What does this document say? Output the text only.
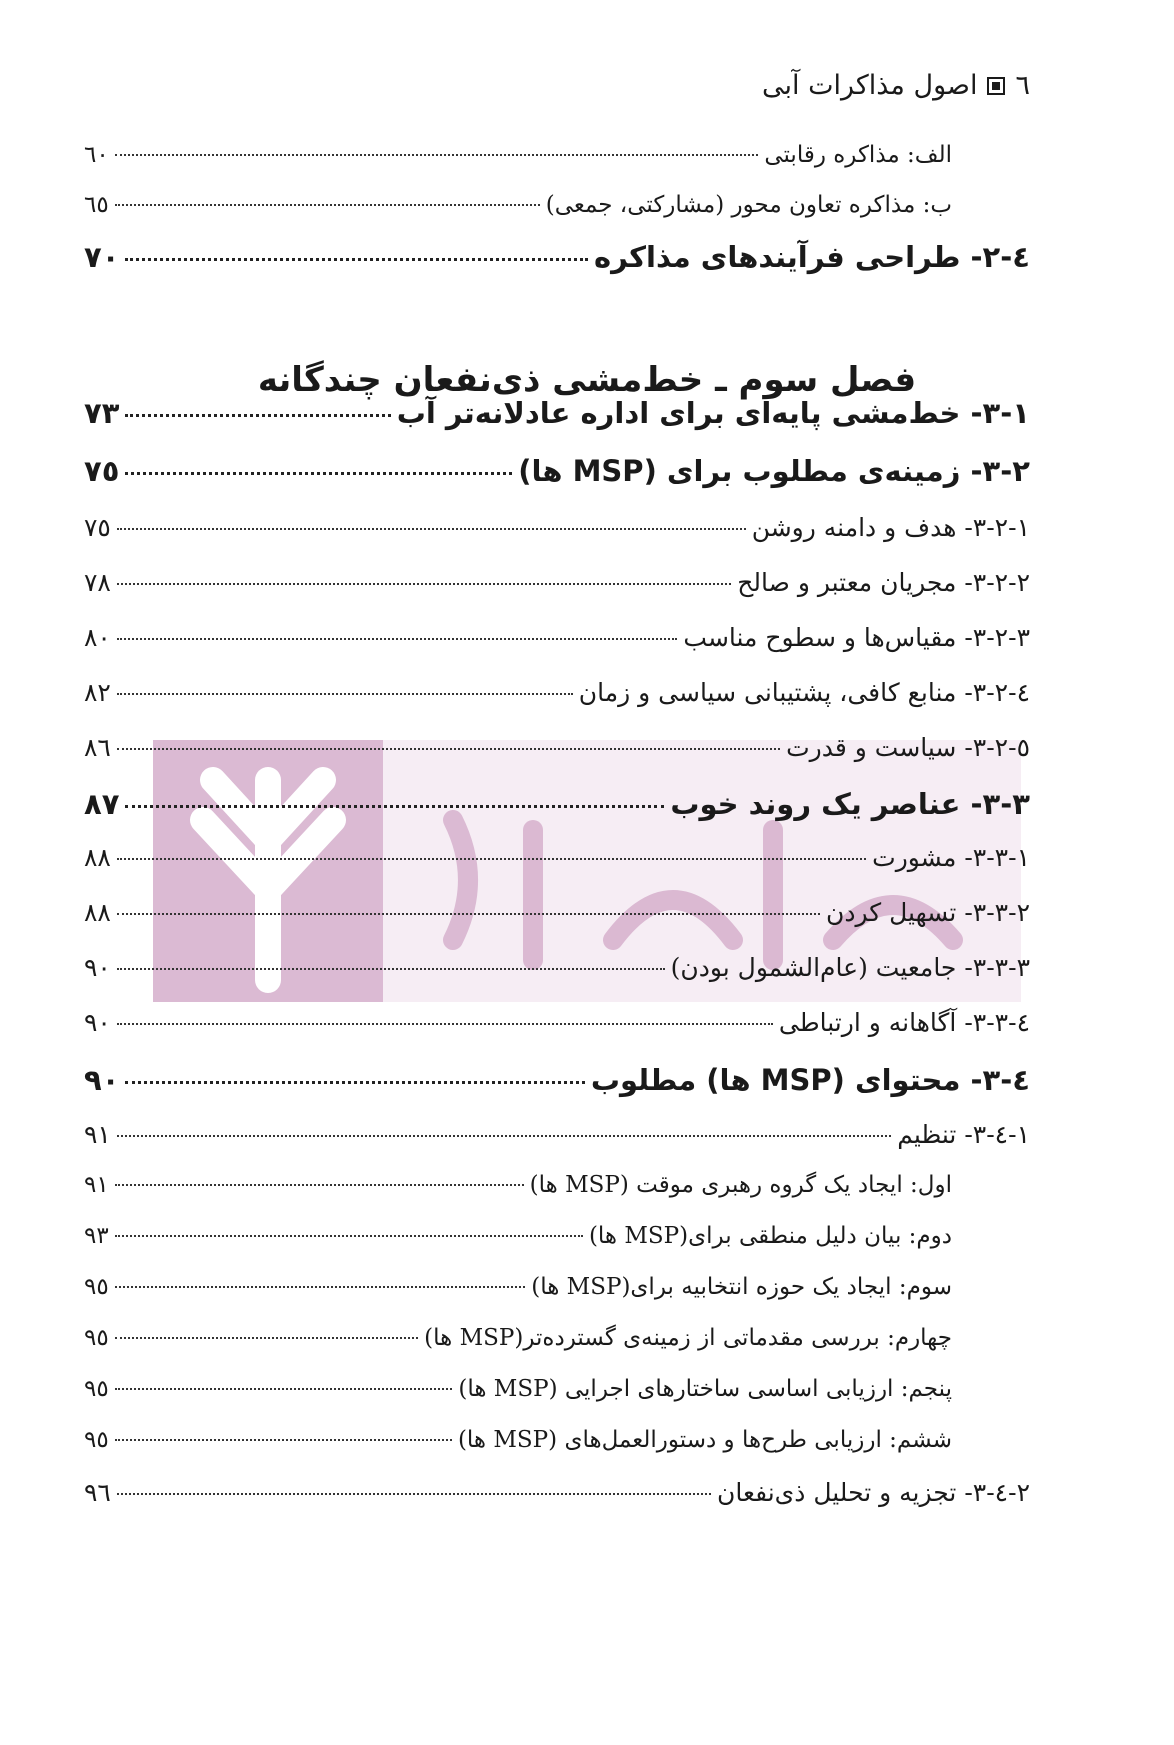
٦
اصول مذاکرات آبی
الف: مذاکره رقابتی
٦٠
ب: مذاکره تعاون محور (مشارکتی، جمعی)
٦٥
٤-٢- طراحی فرآیندهای مذاکره
٧٠
فصل سوم ـ خط‌مشی ذی‌نفعان چندگانه
١-٣- خط‌مشی پایه‌ای برای اداره عادلانه‌تر آب
٧٣
٢-٣- زمینه‌ی مطلوب برای (MSP ها)
٧٥
١-٢-٣- هدف و دامنه روشن
٧٥
٢-٢-٣- مجریان معتبر و صالح
٧٨
٣-٢-٣- مقیاس‌ها و سطوح مناسب
٨٠
٤-٢-٣- منابع کافی، پشتیبانی سیاسی و زمان
٨٢
٥-٢-٣- سیاست و قدرت
٨٦
٣-٣- عناصر یک روند خوب
٨٧
١-٣-٣- مشورت
٨٨
٢-٣-٣- تسهیل کردن
٨٨
٣-٣-٣- جامعیت (عام‌الشمول بودن)
٩٠
٤-٣-٣- آگاهانه و ارتباطی
٩٠
٤-٣- محتوای (MSP ها) مطلوب
٩٠
١-٤-٣- تنظیم
٩١
اول: ایجاد یک گروه رهبری موقت (MSP ها)
٩١
دوم: بیان دلیل منطقی برای(MSP ها)
٩٣
سوم: ایجاد یک حوزه انتخابیه برای(MSP ها)
٩٥
چهارم: بررسی مقدماتی از زمینه‌ی گسترده‌تر(MSP ها)
٩٥
پنجم: ارزیابی اساسی ساختارهای اجرایی (MSP ها)
٩٥
ششم: ارزیابی طرح‌ها و دستورالعمل‌های (MSP ها)
٩٥
٢-٤-٣- تجزیه و تحلیل ذی‌نفعان
٩٦
